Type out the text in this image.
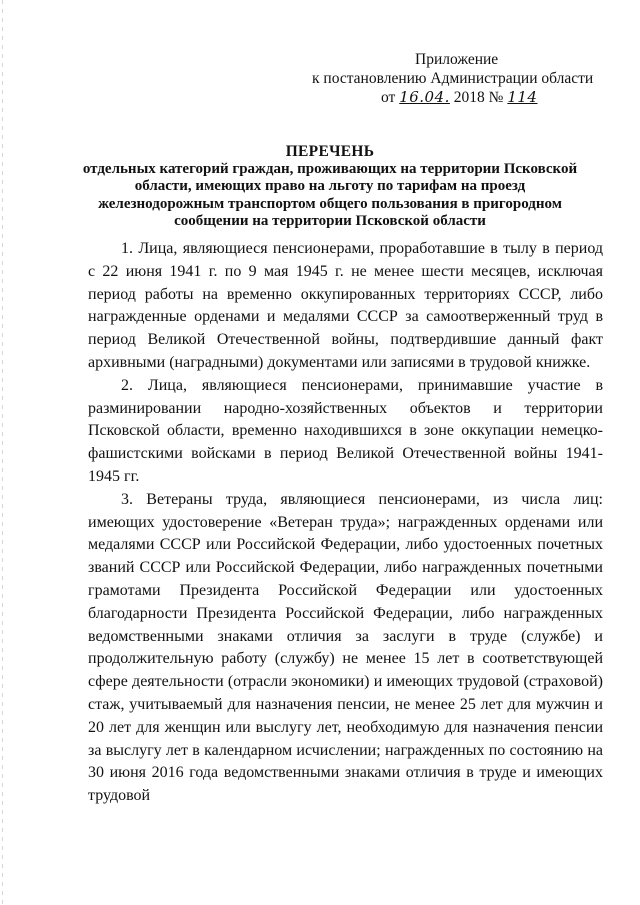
Приложение
к постановлению Администрации области
от 16.04. 2018 № 114
ПЕРЕЧЕНЬ
отдельных категорий граждан, проживающих на территории Псковской
области, имеющих право на льготу по тарифам на проезд
железнодорожным транспортом общего пользования в пригородном
сообщении на территории Псковской области

1. Лица, являющиеся пенсионерами, проработавшие в тылу в период с 22 июня 1941 г. по 9 мая 1945 г. не менее шести месяцев, исключая период работы на временно оккупированных территориях СССР, либо награжденные орденами и медалями СССР за самоотверженный труд в период Великой Отечественной войны, подтвердившие данный факт архивными (наградными) документами или записями в трудовой книжке.

2. Лица, являющиеся пенсионерами, принимавшие участие в разминировании народно-хозяйственных объектов и территории Псковской области, временно находившихся в зоне оккупации немецко-фашистскими войсками в период Великой Отечественной войны 1941-1945 гг.

3. Ветераны труда, являющиеся пенсионерами, из числа лиц: имеющих удостоверение «Ветеран труда»; награжденных орденами или медалями СССР или Российской Федерации, либо удостоенных почетных званий СССР или Российской Федерации, либо награжденных почетными грамотами Президента Российской Федерации или удостоенных благодарности Президента Российской Федерации, либо награжденных ведомственными знаками отличия за заслуги в труде (службе) и продолжительную работу (службу) не менее 15 лет в соответствующей сфере деятельности (отрасли экономики) и имеющих трудовой (страховой) стаж, учитываемый для назначения пенсии, не менее 25 лет для мужчин и 20 лет для женщин или выслугу лет, необходимую для назначения пенсии за выслугу лет в календарном исчислении; награжденных по состоянию на 30 июня 2016 года ведомственными знаками отличия в труде и имеющих трудовой
